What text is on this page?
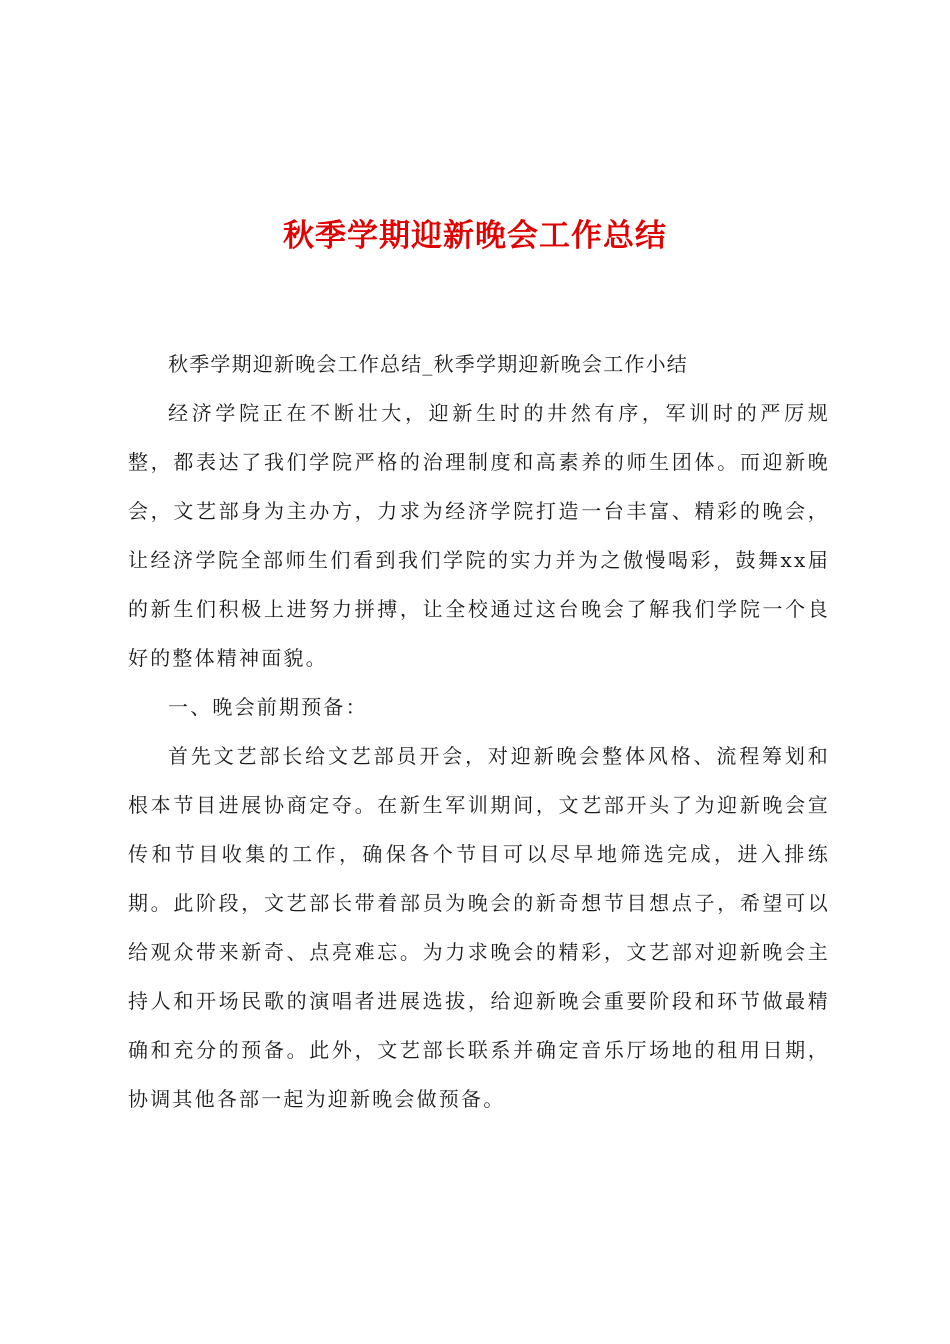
秋季学期迎新晚会工作总结

秋季学期迎新晚会工作总结_秋季学期迎新晚会工作小结

经济学院正在不断壮大，迎新生时的井然有序，军训时的严厉规整，都表达了我们学院严格的治理制度和高素养的师生团体。而迎新晚会，文艺部身为主办方，力求为经济学院打造一台丰富、精彩的晚会，让经济学院全部师生们看到我们学院的实力并为之傲慢喝彩，鼓舞xx届的新生们积极上进努力拼搏，让全校通过这台晚会了解我们学院一个良好的整体精神面貌。

一、晚会前期预备：

首先文艺部长给文艺部员开会，对迎新晚会整体风格、流程筹划和根本节目进展协商定夺。在新生军训期间，文艺部开头了为迎新晚会宣传和节目收集的工作，确保各个节目可以尽早地筛选完成，进入排练期。此阶段，文艺部长带着部员为晚会的新奇想节目想点子，希望可以给观众带来新奇、点亮难忘。为力求晚会的精彩，文艺部对迎新晚会主持人和开场民歌的演唱者进展选拔，给迎新晚会重要阶段和环节做最精确和充分的预备。此外，文艺部长联系并确定音乐厅场地的租用日期，协调其他各部一起为迎新晚会做预备。
